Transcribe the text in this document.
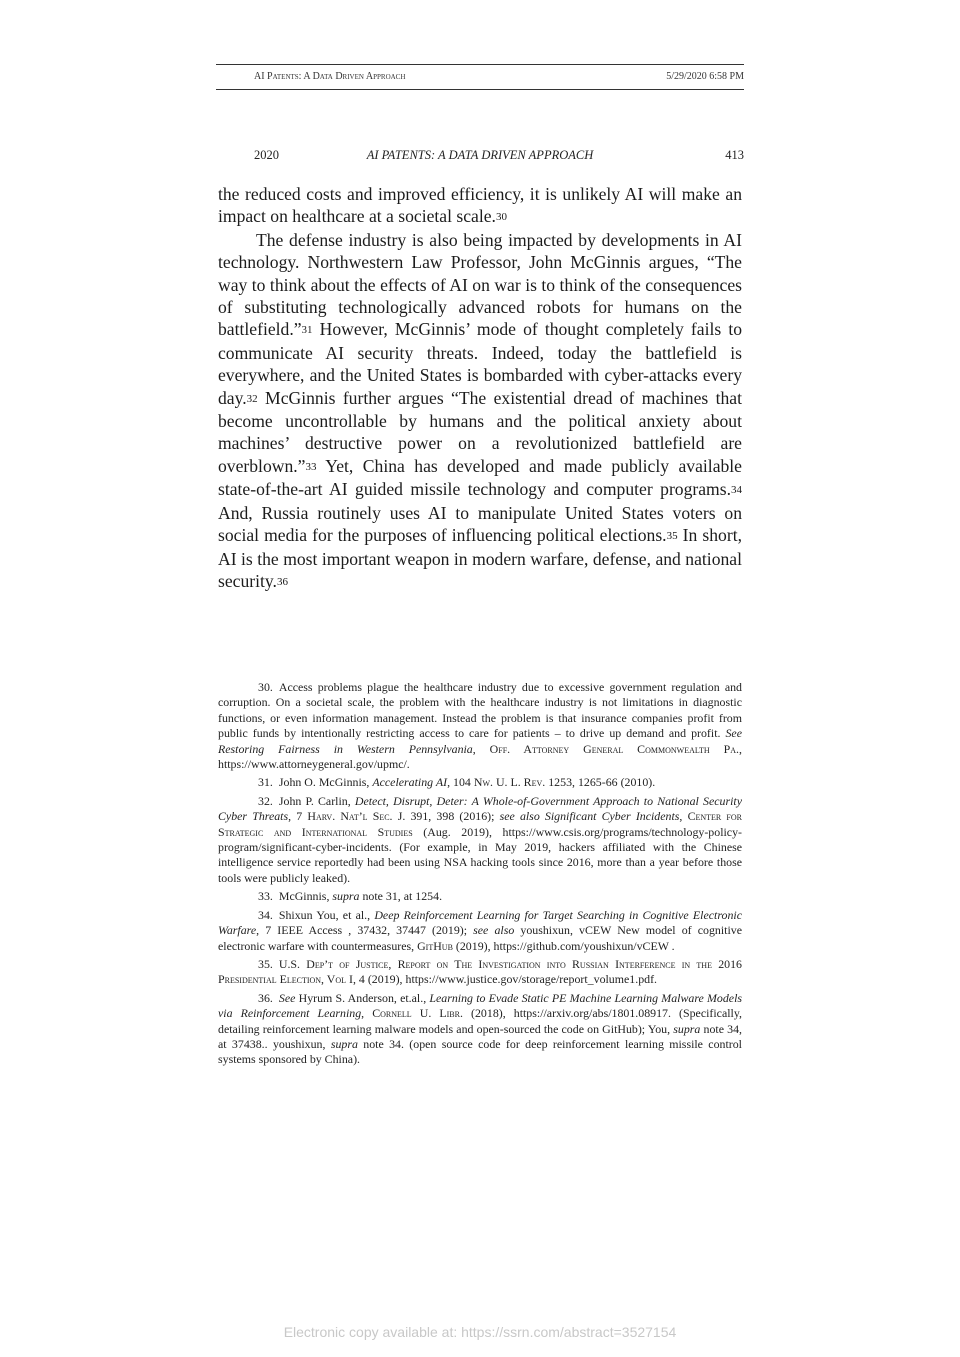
AI Patents: A Data Driven Approach	5/29/2020 6:58 PM
2020	AI PATENTS: A DATA DRIVEN APPROACH	413

the reduced costs and improved efficiency, it is unlikely AI will make an impact on healthcare at a societal scale.30

The defense industry is also being impacted by developments in AI technology. Northwestern Law Professor, John McGinnis argues, “The way to think about the effects of AI on war is to think of the consequences of substituting technologically advanced robots for humans on the battlefield.”31 However, McGinnis’ mode of thought completely fails to communicate AI security threats. Indeed, today the battlefield is everywhere, and the United States is bombarded with cyber-attacks every day.32 McGinnis further argues “The existential dread of machines that become uncontrollable by humans and the political anxiety about machines’ destructive power on a revolutionized battlefield are overblown.”33 Yet, China has developed and made publicly available state-of-the-art AI guided missile technology and computer programs.34 And, Russia routinely uses AI to manipulate United States voters on social media for the purposes of influencing political elections.35 In short, AI is the most important weapon in modern warfare, defense, and national security.36

30. Access problems plague the healthcare industry due to excessive government regulation and corruption. On a societal scale, the problem with the healthcare industry is not limitations in diagnostic functions, or even information management. Instead the problem is that insurance companies profit from public funds by intentionally restricting access to care for patients – to drive up demand and profit. See Restoring Fairness in Western Pennsylvania, Off. Attorney General Commonwealth Pa., https://www.attorneygeneral.gov/upmc/.

31. John O. McGinnis, Accelerating AI, 104 Nw. U. L. Rev. 1253, 1265-66 (2010).

32. John P. Carlin, Detect, Disrupt, Deter: A Whole-of-Government Approach to National Security Cyber Threats, 7 Harv. Nat’l Sec. J. 391, 398 (2016); see also Significant Cyber Incidents, Center for Strategic and International Studies (Aug. 2019), https://www.csis.org/programs/technology-policy-program/significant-cyber-incidents. (For example, in May 2019, hackers affiliated with the Chinese intelligence service reportedly had been using NSA hacking tools since 2016, more than a year before those tools were publicly leaked).

33. McGinnis, supra note 31, at 1254.

34. Shixun You, et al., Deep Reinforcement Learning for Target Searching in Cognitive Electronic Warfare, 7 IEEE Access , 37432, 37447 (2019); see also youshixun, vCEW New model of cognitive electronic warfare with countermeasures, GitHub (2019), https://github.com/youshixun/vCEW .

35. U.S. Dep’t of Justice, Report on The Investigation into Russian Interference in the 2016 Presidential Election, Vol I, 4 (2019), https://www.justice.gov/storage/report_volume1.pdf.

36. See Hyrum S. Anderson, et.al., Learning to Evade Static PE Machine Learning Malware Models via Reinforcement Learning, Cornell U. Libr. (2018), https://arxiv.org/abs/1801.08917. (Specifically, detailing reinforcement learning malware models and open-sourced the code on GitHub); You, supra note 34, at 37438.. youshixun, supra note 34. (open source code for deep reinforcement learning missile control systems sponsored by China).

Electronic copy available at: https://ssrn.com/abstract=3527154
